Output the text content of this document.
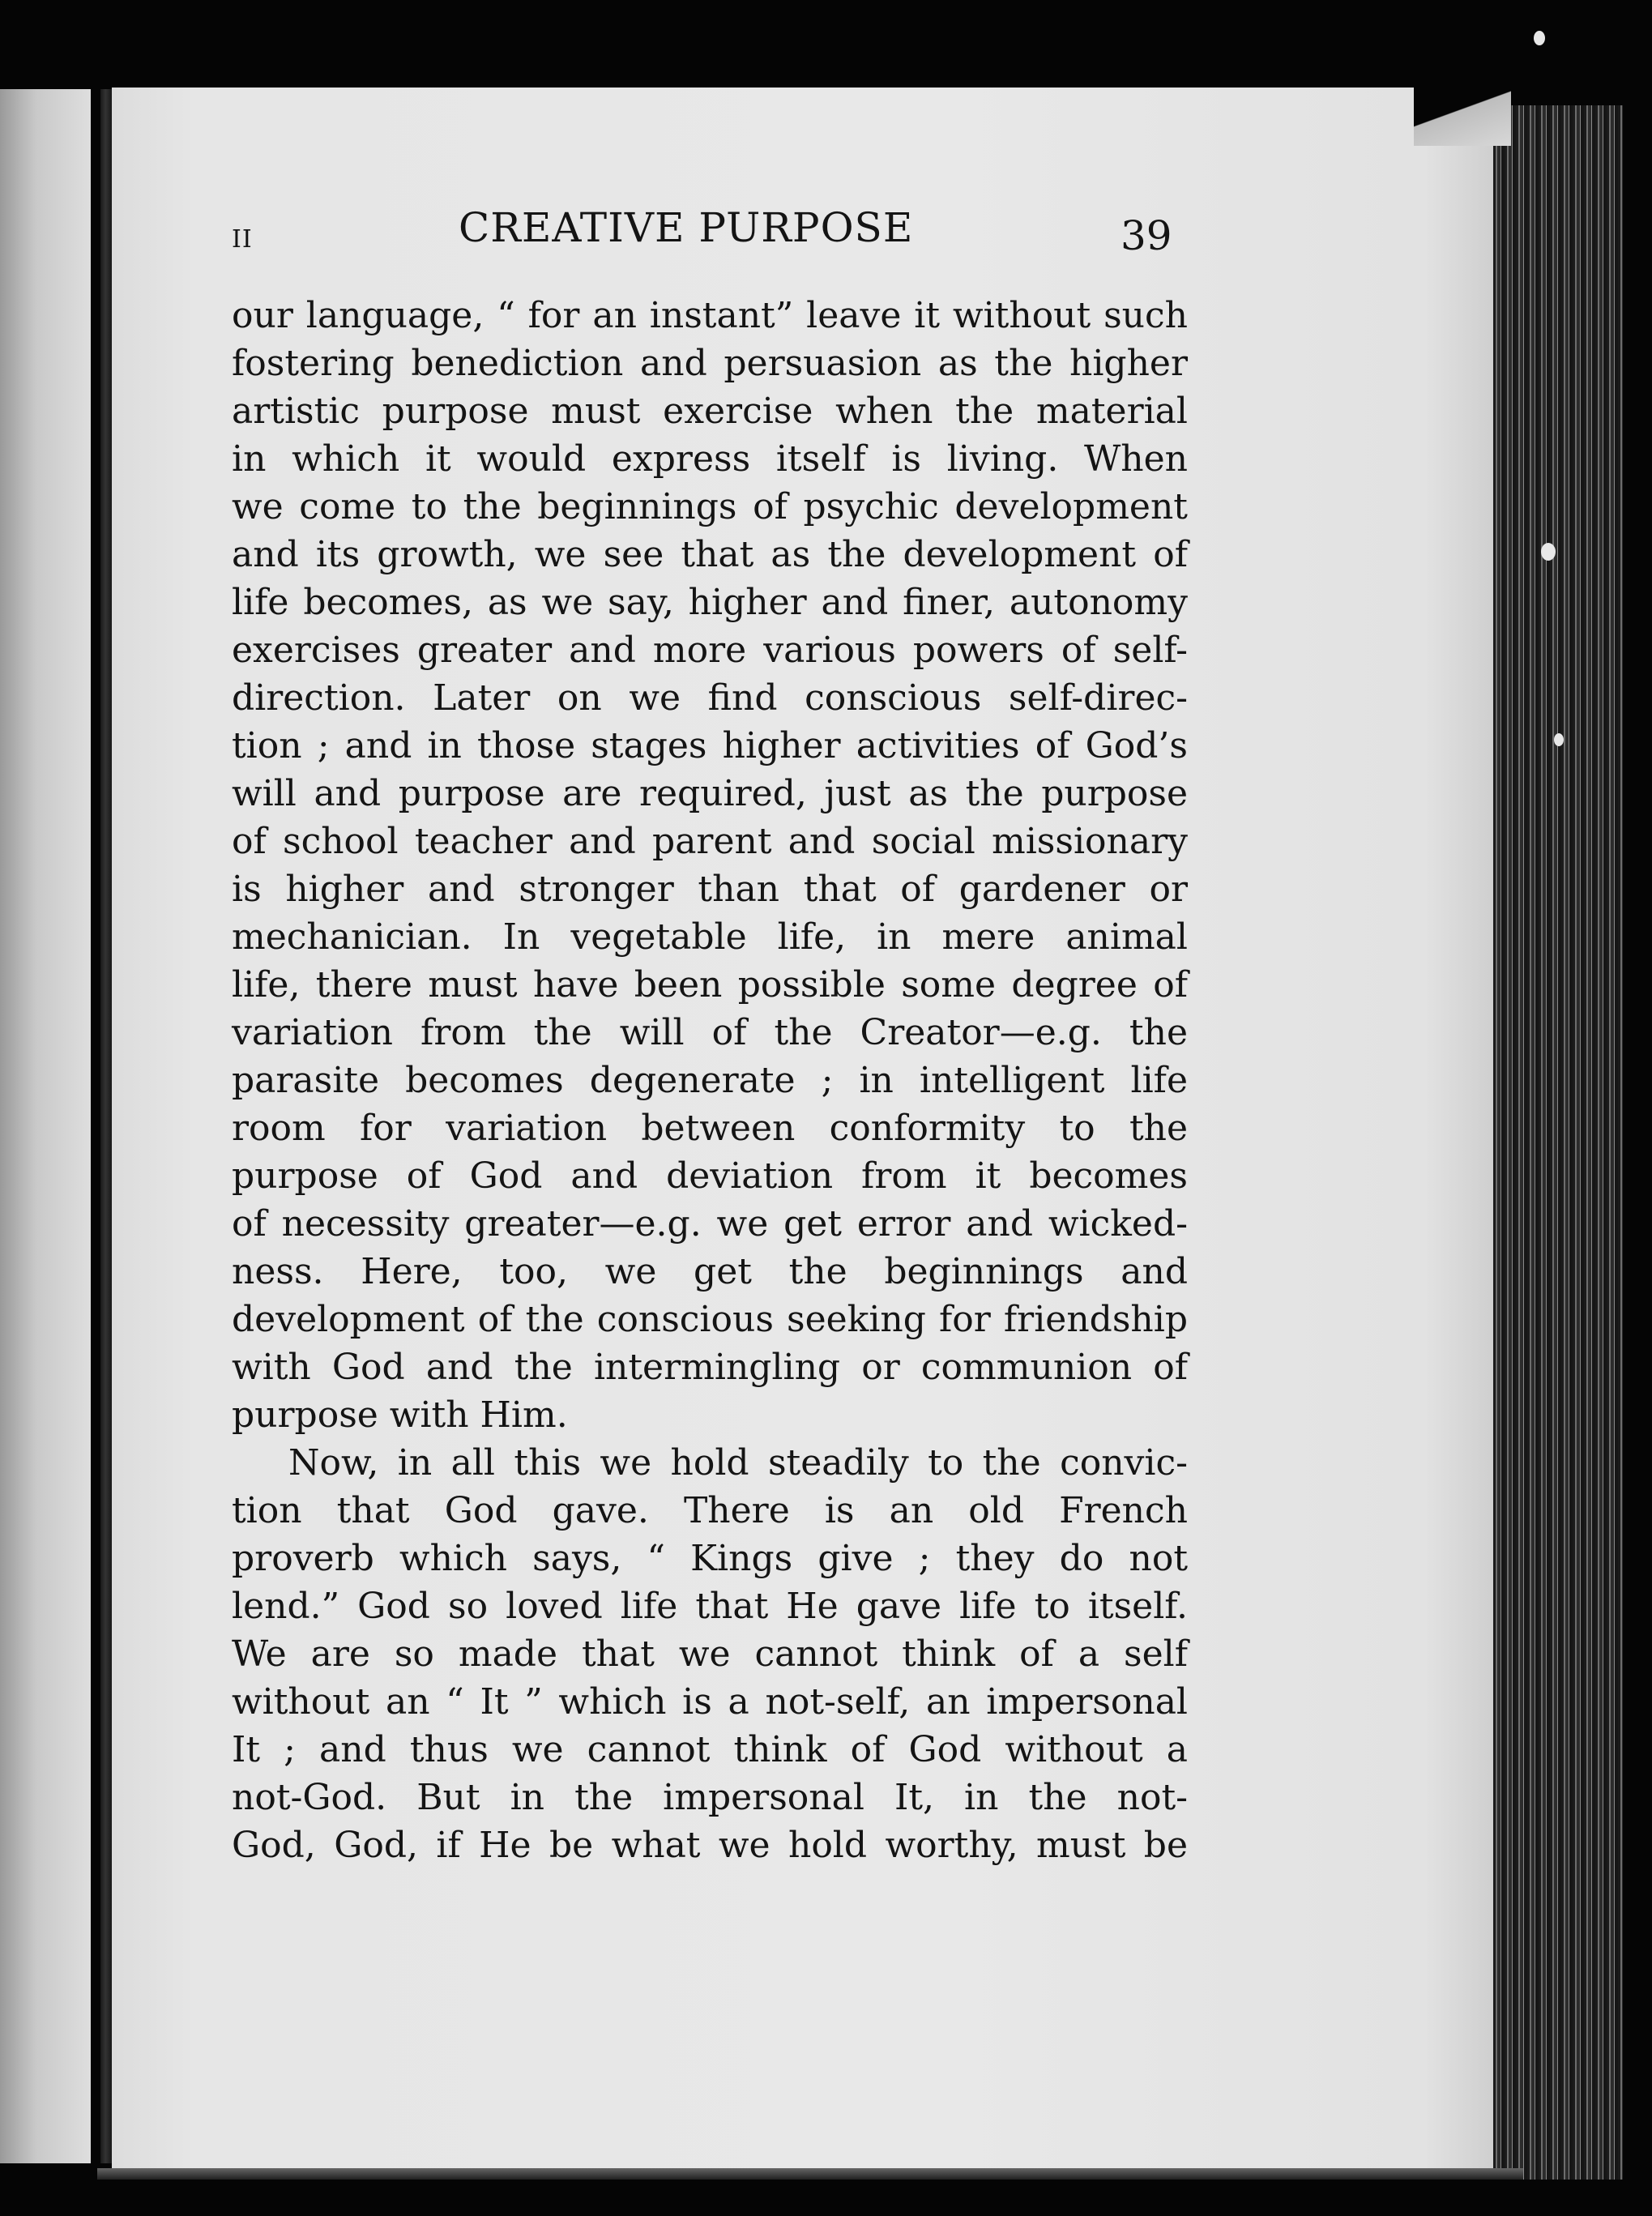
II	CREATIVE PURPOSE	39
our language, “ for an instant” leave it without such
fostering benediction and persuasion as the higher
artistic purpose must exercise when the material
in which it would express itself is living. When
we come to the beginnings of psychic development
and its growth, we see that as the development of
life becomes, as we say, higher and finer, autonomy
exercises greater and more various powers of self-
direction. Later on we find conscious self-direc-
tion ; and in those stages higher activities of God’s
will and purpose are required, just as the purpose
of school teacher and parent and social missionary
is higher and stronger than that of gardener or
mechanician. In vegetable life, in mere animal
life, there must have been possible some degree of
variation from the will of the Creator—e.g. the
parasite becomes degenerate ; in intelligent life
room for variation between conformity to the
purpose of God and deviation from it becomes
of necessity greater—e.g. we get error and wicked-
ness. Here, too, we get the beginnings and
development of the conscious seeking for friendship
with God and the intermingling or communion of
purpose with Him.
Now, in all this we hold steadily to the convic-
tion that God gave. There is an old French
proverb which says, “ Kings give ; they do not
lend.” God so loved life that He gave life to itself.
We are so made that we cannot think of a self
without an “ It ” which is a not-self, an impersonal
It ; and thus we cannot think of God without a
not-God. But in the impersonal It, in the not-
God, God, if He be what we hold worthy, must be
